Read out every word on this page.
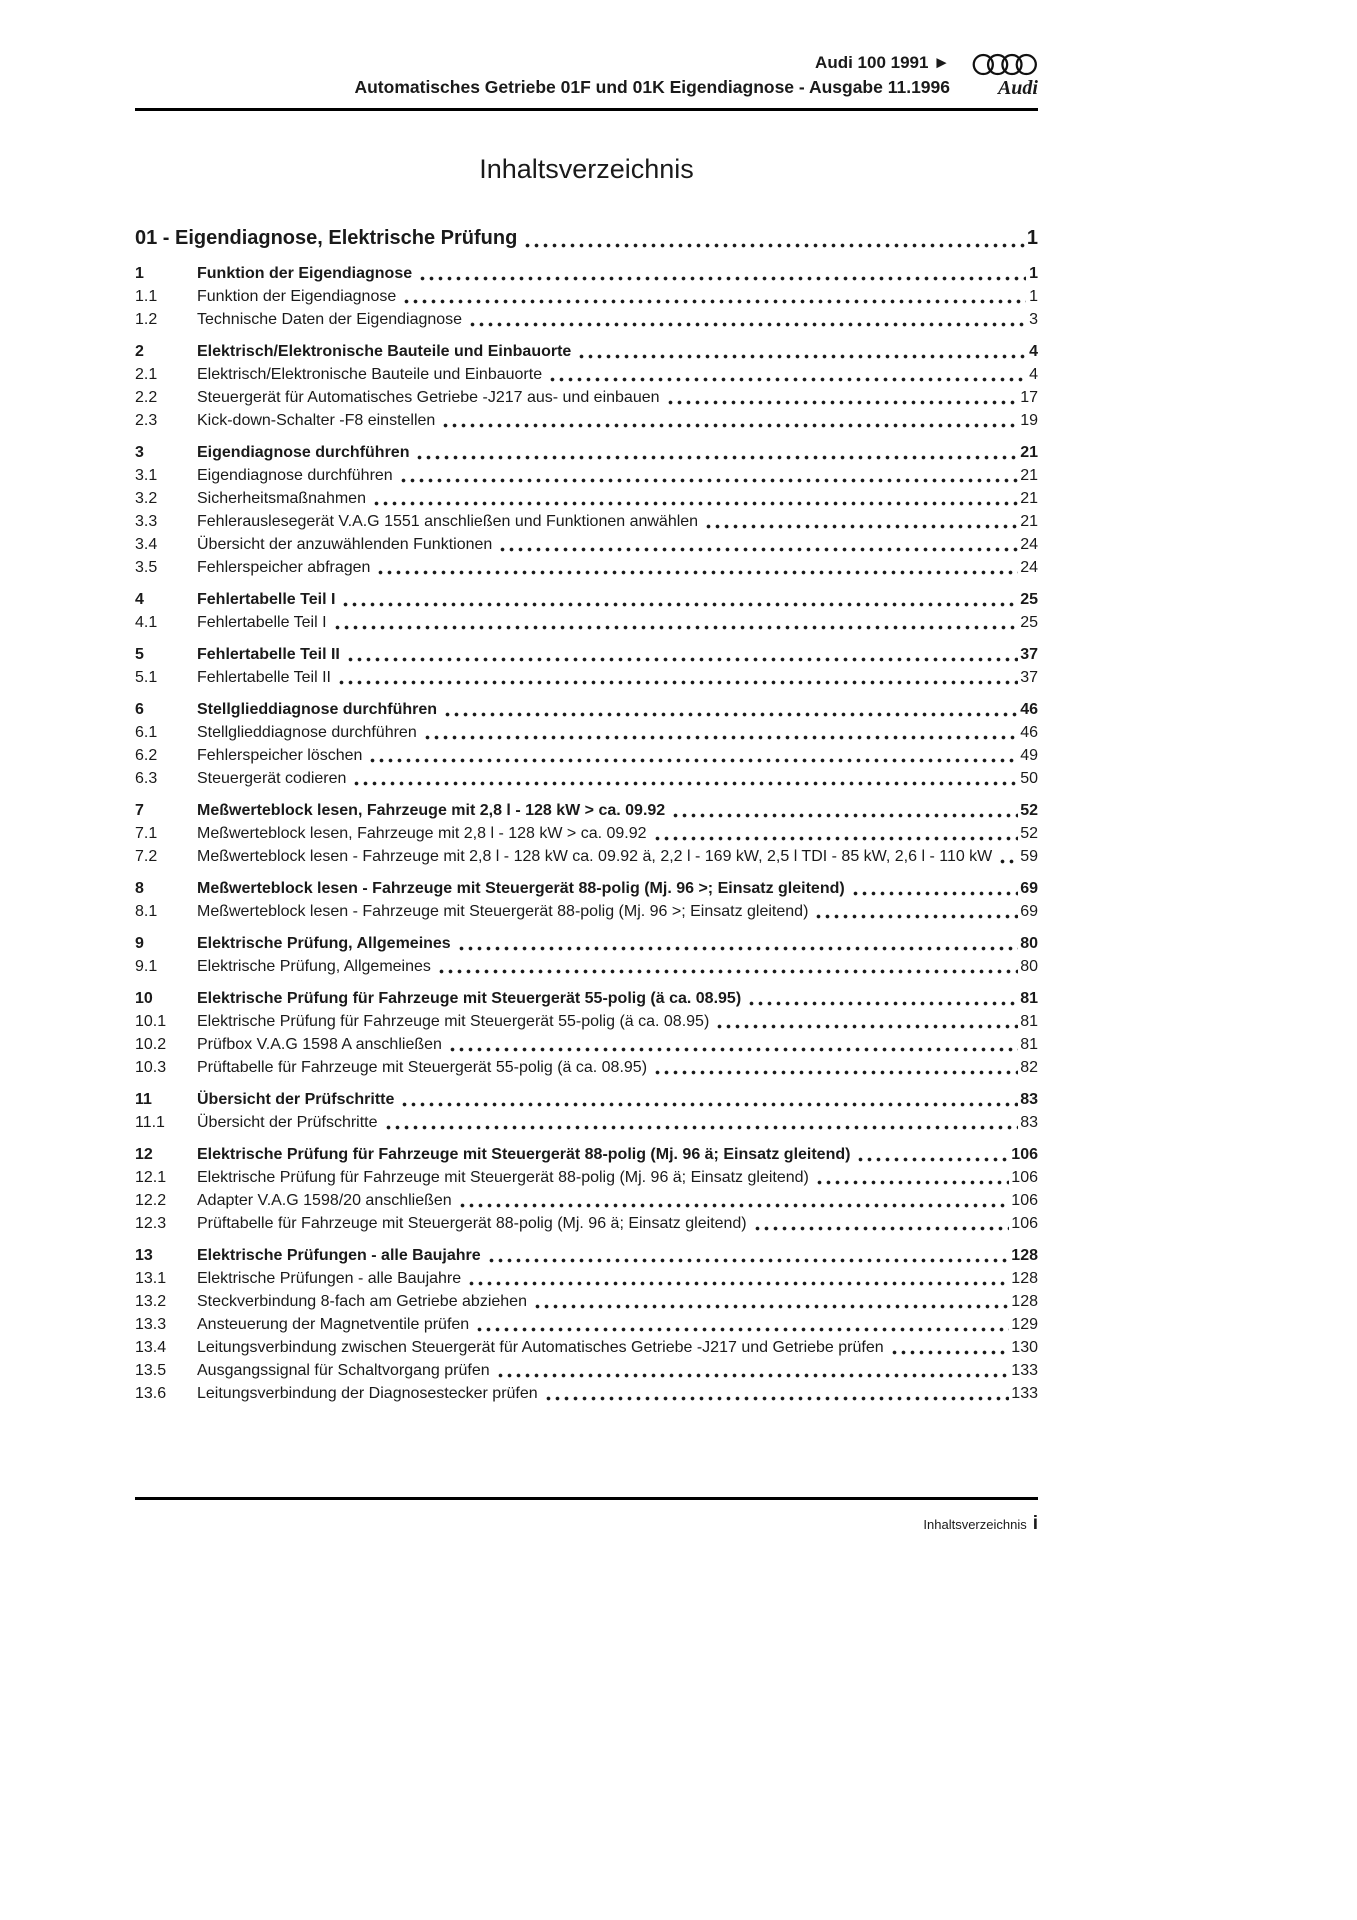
Audi 100 1991 ►
Automatisches Getriebe 01F und 01K Eigendiagnose - Ausgabe 11.1996 Audi
Inhaltsverzeichnis
01 - Eigendiagnose, Elektrische Prüfung	1
1	Funktion der Eigendiagnose	1
1.1	Funktion der Eigendiagnose	1
1.2	Technische Daten der Eigendiagnose	3
2	Elektrisch/Elektronische Bauteile und Einbauorte	4
2.1	Elektrisch/Elektronische Bauteile und Einbauorte	4
2.2	Steuergerät für Automatisches Getriebe -J217 aus- und einbauen	17
2.3	Kick-down-Schalter -F8 einstellen	19
3	Eigendiagnose durchführen	21
3.1	Eigendiagnose durchführen	21
3.2	Sicherheitsmaßnahmen	21
3.3	Fehlerauslesegerät V.A.G 1551 anschließen und Funktionen anwählen	21
3.4	Übersicht der anzuwählenden Funktionen	24
3.5	Fehlerspeicher abfragen	24
4	Fehlertabelle Teil I	25
4.1	Fehlertabelle Teil I	25
5	Fehlertabelle Teil II	37
5.1	Fehlertabelle Teil II	37
6	Stellglieddiagnose durchführen	46
6.1	Stellglieddiagnose durchführen	46
6.2	Fehlerspeicher löschen	49
6.3	Steuergerät codieren	50
7	Meßwerteblock lesen, Fahrzeuge mit 2,8 l - 128 kW > ca. 09.92	52
7.1	Meßwerteblock lesen, Fahrzeuge mit 2,8 l - 128 kW > ca. 09.92	52
7.2	Meßwerteblock lesen - Fahrzeuge mit 2,8 l - 128 kW ca. 09.92 ä, 2,2 l - 169 kW, 2,5 l TDI - 85 kW, 2,6 l - 110 kW 59
8	Meßwerteblock lesen - Fahrzeuge mit Steuergerät 88-polig (Mj. 96 >; Einsatz gleitend)	69
8.1	Meßwerteblock lesen - Fahrzeuge mit Steuergerät 88-polig (Mj. 96 >; Einsatz gleitend)	69
9	Elektrische Prüfung, Allgemeines	80
9.1	Elektrische Prüfung, Allgemeines	80
10	Elektrische Prüfung für Fahrzeuge mit Steuergerät 55-polig (ä ca. 08.95)	81
10.1	Elektrische Prüfung für Fahrzeuge mit Steuergerät 55-polig (ä ca. 08.95)	81
10.2	Prüfbox V.A.G 1598 A anschließen	81
10.3	Prüftabelle für Fahrzeuge mit Steuergerät 55-polig (ä ca. 08.95)	82
11	Übersicht der Prüfschritte	83
11.1	Übersicht der Prüfschritte	83
12	Elektrische Prüfung für Fahrzeuge mit Steuergerät 88-polig (Mj. 96 ä; Einsatz gleitend)	106
12.1	Elektrische Prüfung für Fahrzeuge mit Steuergerät 88-polig (Mj. 96 ä; Einsatz gleitend)	106
12.2	Adapter V.A.G 1598/20 anschließen	106
12.3	Prüftabelle für Fahrzeuge mit Steuergerät 88-polig (Mj. 96 ä; Einsatz gleitend)	106
13	Elektrische Prüfungen - alle Baujahre	128
13.1	Elektrische Prüfungen - alle Baujahre	128
13.2	Steckverbindung 8-fach am Getriebe abziehen	128
13.3	Ansteuerung der Magnetventile prüfen	129
13.4	Leitungsverbindung zwischen Steuergerät für Automatisches Getriebe -J217 und Getriebe prüfen	130
13.5	Ausgangssignal für Schaltvorgang prüfen	133
13.6	Leitungsverbindung der Diagnosestecker prüfen	133
Inhaltsverzeichnis i
